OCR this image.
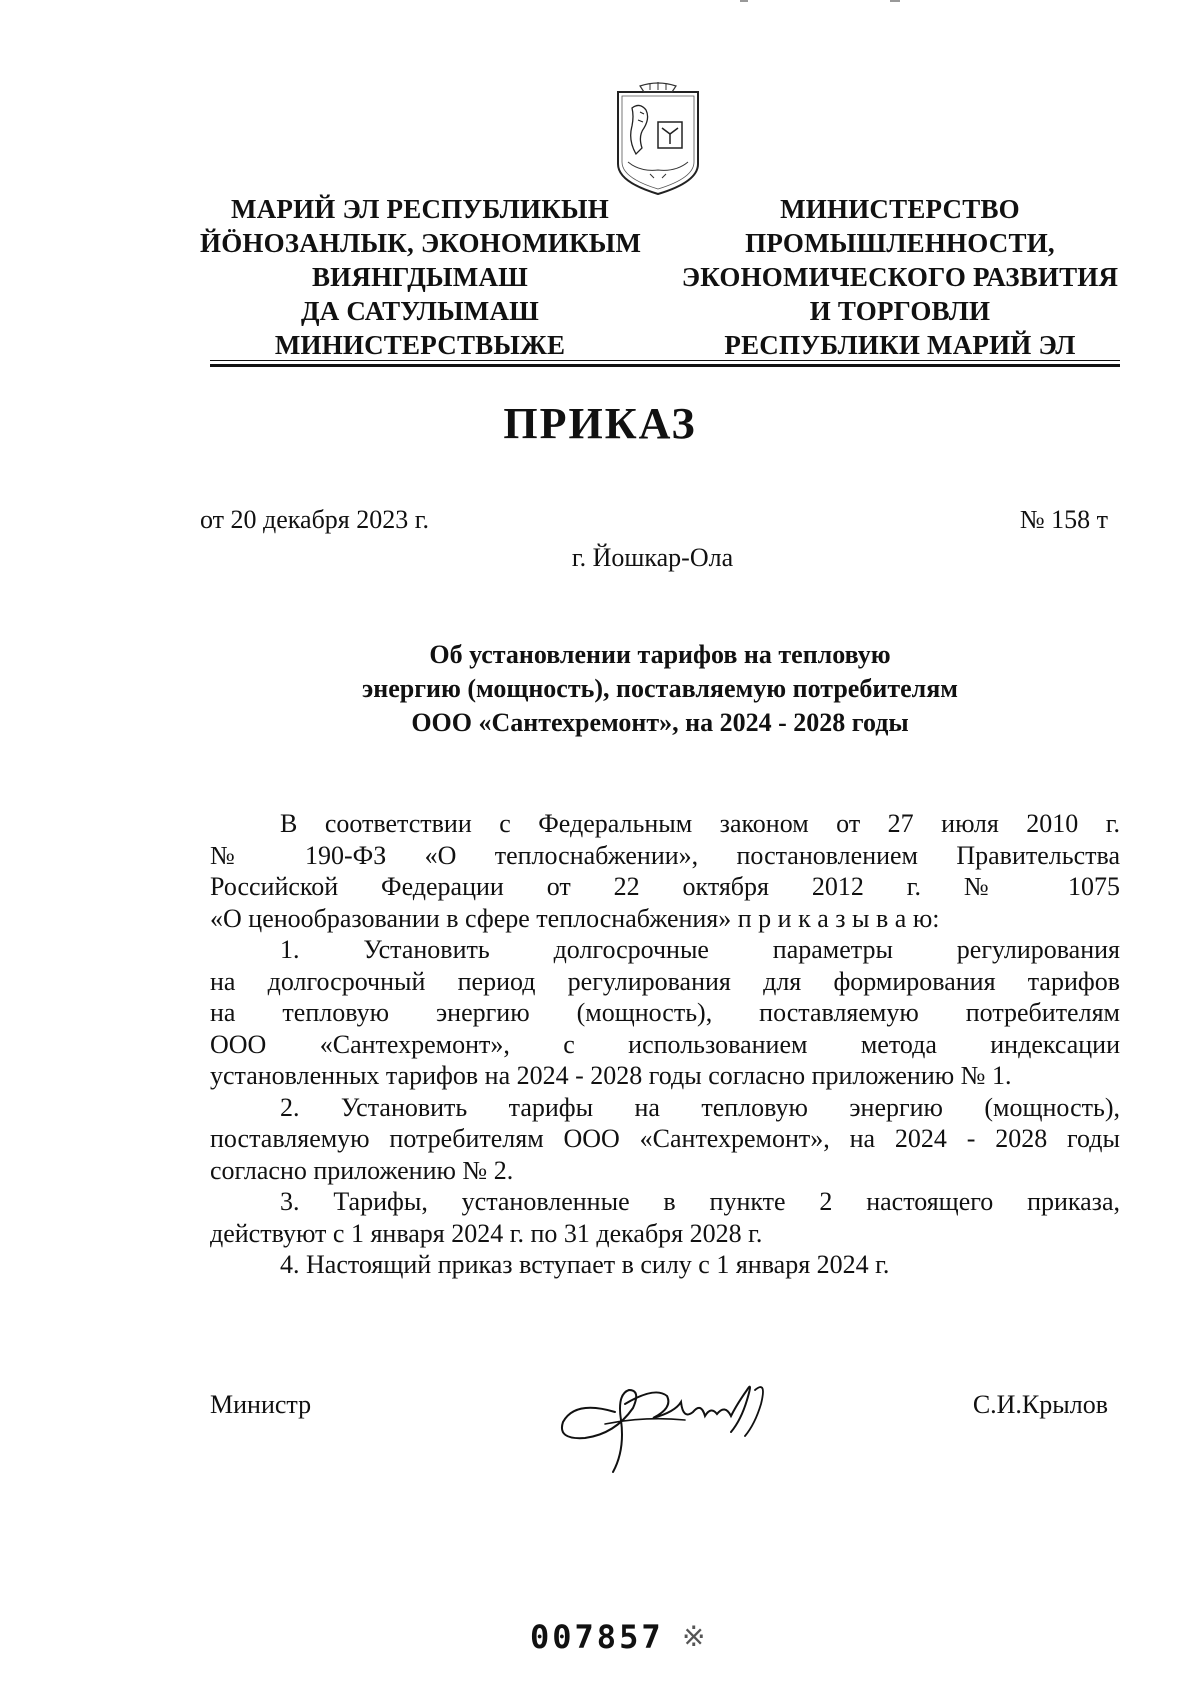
МАРИЙ ЭЛ РЕСПУБЛИКЫН
ЙӦНОЗАНЛЫК, ЭКОНОМИКЫМ
ВИЯНГДЫМАШ
ДА САТУЛЫМАШ
МИНИСТЕРСТВЫЖЕ
МИНИСТЕРСТВО
ПРОМЫШЛЕННОСТИ,
ЭКОНОМИЧЕСКОГО РАЗВИТИЯ
И ТОРГОВЛИ
РЕСПУБЛИКИ МАРИЙ ЭЛ
ПРИКАЗ
от 20 декабря 2023 г.	№ 158 т
г. Йошкар-Ола
Об установлении тарифов на тепловую
энергию (мощность), поставляемую потребителям
ООО «Сантехремонт», на 2024 - 2028 годы
В соответствии с Федеральным законом от 27 июля 2010 г.
№ 190-ФЗ «О теплоснабжении», постановлением Правительства
Российской Федерации от 22 октября 2012 г. № 1075
«О ценообразовании в сфере теплоснабжения» п р и к а з ы в а ю:
1. Установить долгосрочные параметры регулирования
на долгосрочный период регулирования для формирования тарифов
на тепловую энергию (мощность), поставляемую потребителям
ООО «Сантехремонт», с использованием метода индексации
установленных тарифов на 2024 - 2028 годы согласно приложению № 1.
2. Установить тарифы на тепловую энергию (мощность),
поставляемую потребителям ООО «Сантехремонт», на 2024 - 2028 годы
согласно приложению № 2.
3. Тарифы, установленные в пункте 2 настоящего приказа,
действуют с 1 января 2024 г. по 31 декабря 2028 г.
4. Настоящий приказ вступает в силу с 1 января 2024 г.
Министр	С.И.Крылов
007857 ※
